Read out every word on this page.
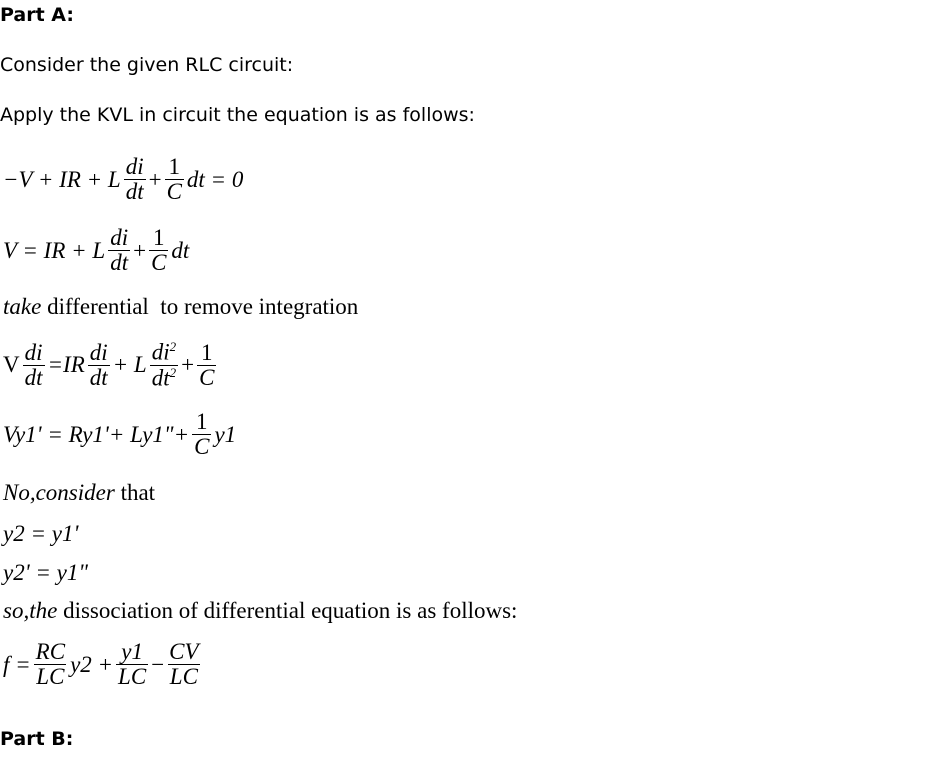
Part A:
Consider the given RLC circuit:
Apply the KVL in circuit the equation is as follows:
−V + IR + L $\frac{di}{dt} + \frac{1}{C}$ dt = 0
V = IR + L $\frac{di}{dt} + \frac{1}{C}$ dt
take differential  to remove integration
V $\frac{di}{dt} =IR \frac{di}{dt} + L \frac{di^2}{dt^2} + \frac{1}{C}$
Vy1' = Ry1'+ Ly1"+ $\frac{1}{C} y1$
No,consider that
y2 = y1'
y2' = y1"
so,the dissociation of differential equation is as follows:
$f = \frac{RC}{LC} y2 + \frac{y1}{LC} - \frac{CV}{LC}$
Part B:
